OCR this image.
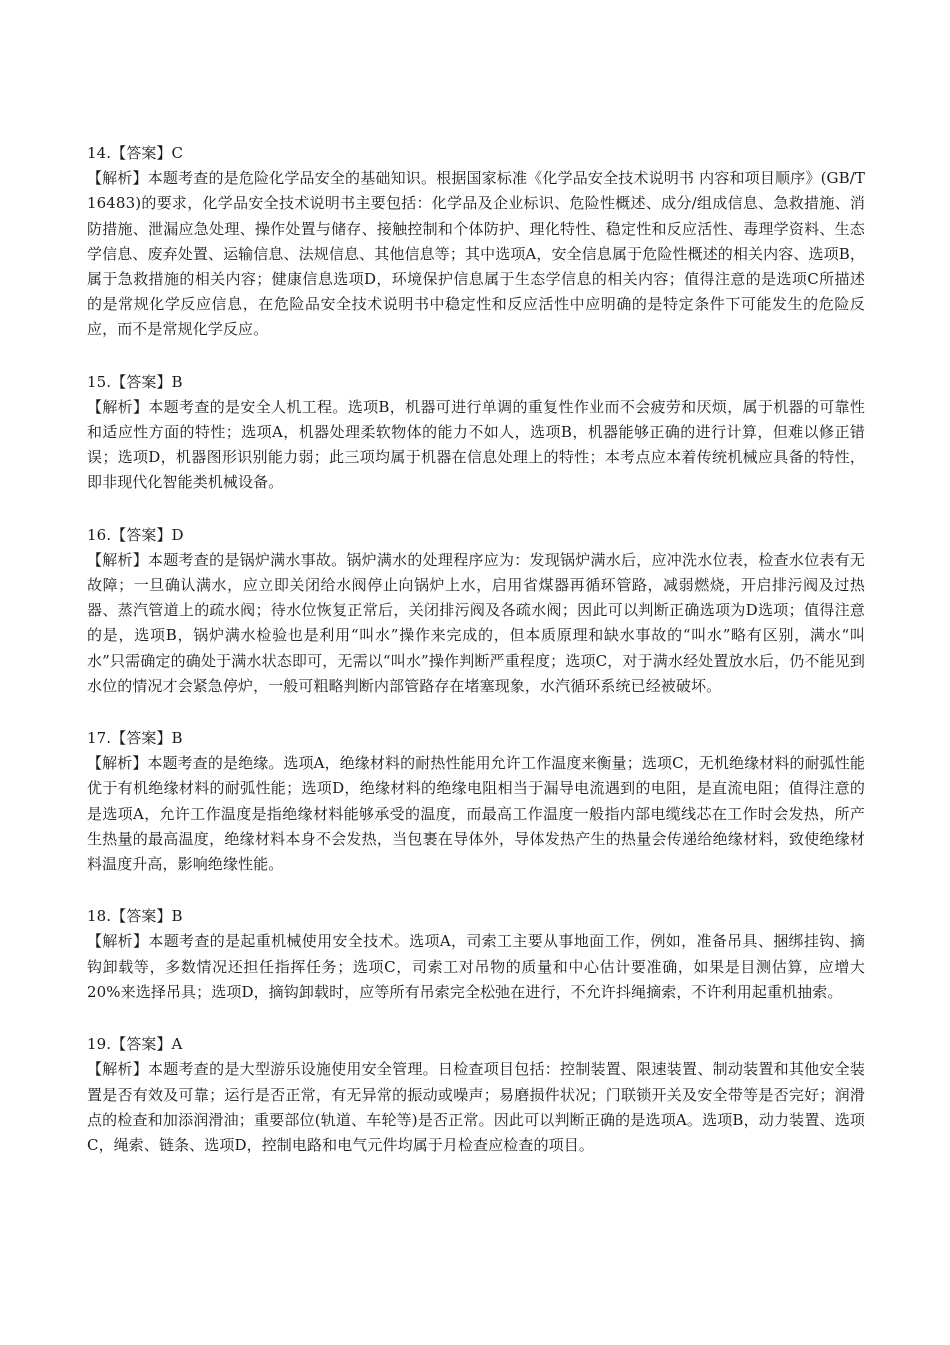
14.【答案】C

【解析】本题考查的是危险化学品安全的基础知识。根据国家标准《化学品安全技术说明书 内容和项目顺序》(GB/T 16483)的要求，化学品安全技术说明书主要包括：化学品及企业标识、危险性概述、成分/组成信息、急救措施、消防措施、泄漏应急处理、操作处置与储存、接触控制和个体防护、理化特性、稳定性和反应活性、毒理学资料、生态学信息、废弃处置、运输信息、法规信息、其他信息等；其中选项A，安全信息属于危险性概述的相关内容、选项B，属于急救措施的相关内容；健康信息选项D，环境保护信息属于生态学信息的相关内容；值得注意的是选项C所描述的是常规化学反应信息，在危险品安全技术说明书中稳定性和反应活性中应明确的是特定条件下可能发生的危险反应，而不是常规化学反应。

15.【答案】B

【解析】本题考查的是安全人机工程。选项B，机器可进行单调的重复性作业而不会疲劳和厌烦，属于机器的可靠性和适应性方面的特性；选项A，机器处理柔软物体的能力不如人，选项B，机器能够正确的进行计算，但难以修正错误；选项D，机器图形识别能力弱；此三项均属于机器在信息处理上的特性；本考点应本着传统机械应具备的特性，即非现代化智能类机械设备。

16.【答案】D

【解析】本题考查的是锅炉满水事故。锅炉满水的处理程序应为：发现锅炉满水后，应冲洗水位表，检查水位表有无故障；一旦确认满水，应立即关闭给水阀停止向锅炉上水，启用省煤器再循环管路，减弱燃烧，开启排污阀及过热器、蒸汽管道上的疏水阀；待水位恢复正常后，关闭排污阀及各疏水阀；因此可以判断正确选项为D选项；值得注意的是，选项B，锅炉满水检验也是利用“叫水”操作来完成的，但本质原理和缺水事故的“叫水”略有区别，满水“叫水”只需确定的确处于满水状态即可，无需以“叫水”操作判断严重程度；选项C，对于满水经处置放水后，仍不能见到水位的情况才会紧急停炉，一般可粗略判断内部管路存在堵塞现象，水汽循环系统已经被破坏。

17.【答案】B

【解析】本题考查的是绝缘。选项A，绝缘材料的耐热性能用允许工作温度来衡量；选项C，无机绝缘材料的耐弧性能优于有机绝缘材料的耐弧性能；选项D，绝缘材料的绝缘电阻相当于漏导电流遇到的电阻，是直流电阻；值得注意的是选项A，允许工作温度是指绝缘材料能够承受的温度，而最高工作温度一般指内部电缆线芯在工作时会发热，所产生热量的最高温度，绝缘材料本身不会发热，当包裹在导体外，导体发热产生的热量会传递给绝缘材料，致使绝缘材料温度升高，影响绝缘性能。

18.【答案】B

【解析】本题考查的是起重机械使用安全技术。选项A，司索工主要从事地面工作，例如，准备吊具、捆绑挂钩、摘钩卸载等，多数情况还担任指挥任务；选项C，司索工对吊物的质量和中心估计要准确，如果是目测估算，应增大20%来选择吊具；选项D，摘钩卸载时，应等所有吊索完全松弛在进行，不允许抖绳摘索，不许利用起重机抽索。

19.【答案】A

【解析】本题考查的是大型游乐设施使用安全管理。日检查项目包括：控制装置、限速装置、制动装置和其他安全装置是否有效及可靠；运行是否正常，有无异常的振动或噪声；易磨损件状况；门联锁开关及安全带等是否完好；润滑点的检查和加添润滑油；重要部位(轨道、车轮等)是否正常。因此可以判断正确的是选项A。选项B，动力装置、选项C，绳索、链条、选项D，控制电路和电气元件均属于月检查应检查的项目。
